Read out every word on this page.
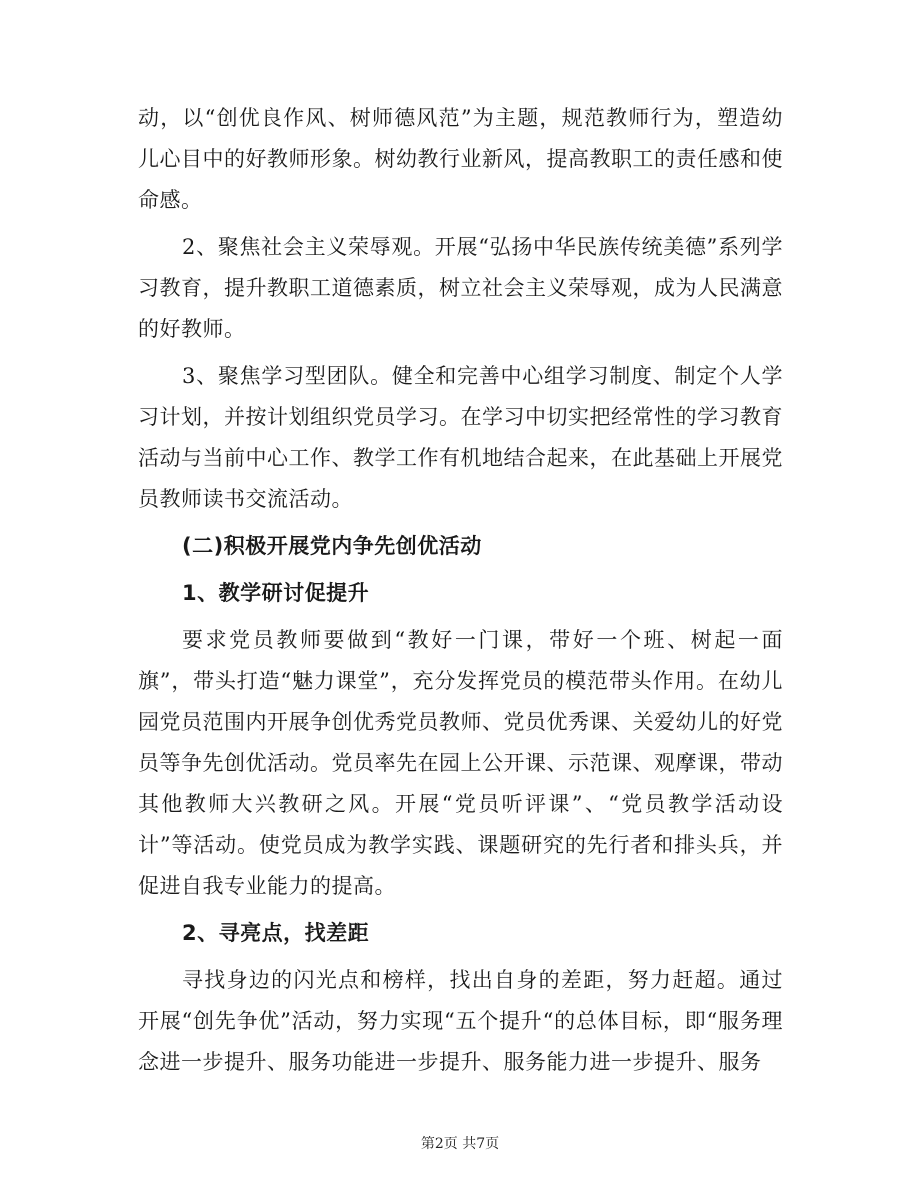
动，以“创优良作风、树师德风范”为主题，规范教师行为，塑造幼儿心目中的好教师形象。树幼教行业新风，提高教职工的责任感和使命感。

2、聚焦社会主义荣辱观。开展“弘扬中华民族传统美德”系列学习教育，提升教职工道德素质，树立社会主义荣辱观，成为人民满意的好教师。

3、聚焦学习型团队。健全和完善中心组学习制度、制定个人学习计划，并按计划组织党员学习。在学习中切实把经常性的学习教育活动与当前中心工作、教学工作有机地结合起来，在此基础上开展党员教师读书交流活动。

(二)积极开展党内争先创优活动

1、教学研讨促提升

要求党员教师要做到“教好一门课，带好一个班、树起一面旗”，带头打造“魅力课堂”，充分发挥党员的模范带头作用。在幼儿园党员范围内开展争创优秀党员教师、党员优秀课、关爱幼儿的好党员等争先创优活动。党员率先在园上公开课、示范课、观摩课，带动其他教师大兴教研之风。开展“党员听评课”、“党员教学活动设计”等活动。使党员成为教学实践、课题研究的先行者和排头兵，并促进自我专业能力的提高。

2、寻亮点，找差距

寻找身边的闪光点和榜样，找出自身的差距，努力赶超。通过开展“创先争优”活动，努力实现“五个提升“的总体目标，即“服务理念进一步提升、服务功能进一步提升、服务能力进一步提升、服务

第2页 共7页
